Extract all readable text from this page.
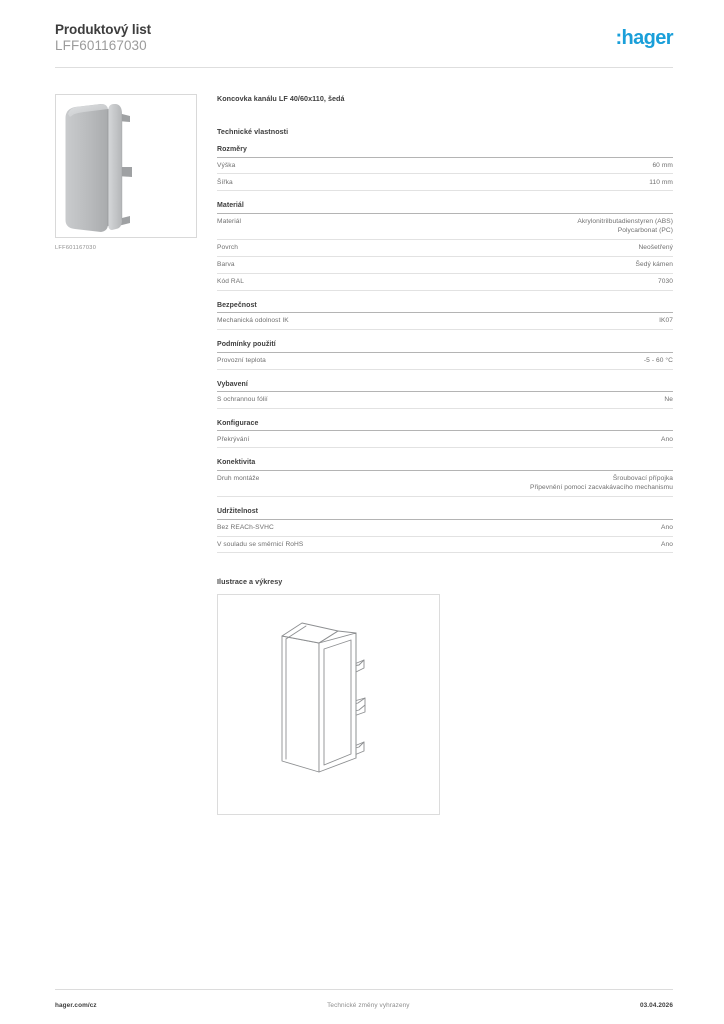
Produktový list
LFF601167030	:hager
LFF601167030
Koncovka kanálu LF 40/60x110, šedá
Technické vlastnosti
Rozměry
Výška	60 mm
Šířka	110 mm
Materiál
Materiál	Akrylonitrilbutadienstyren (ABS)
Polycarbonat (PC)
Povrch	Neošetřený
Barva	Šedý kámen
Kód RAL	7030
Bezpečnost
Mechanická odolnost IK	IK07
Podmínky použití
Provozní teplota	-5 - 60 °C
Vybavení
S ochrannou fólií	Ne
Konfigurace
Překrývání	Ano
Konektivita
Druh montáže	Šroubovací přípojka
Připevnění pomocí zacvakávacího mechanismu
Udržitelnost
Bez REACh-SVHC	Ano
V souladu se směrnicí RoHS	Ano
Ilustrace a výkresy
hager.com/cz	Technické změny vyhrazeny	03.04.2026
